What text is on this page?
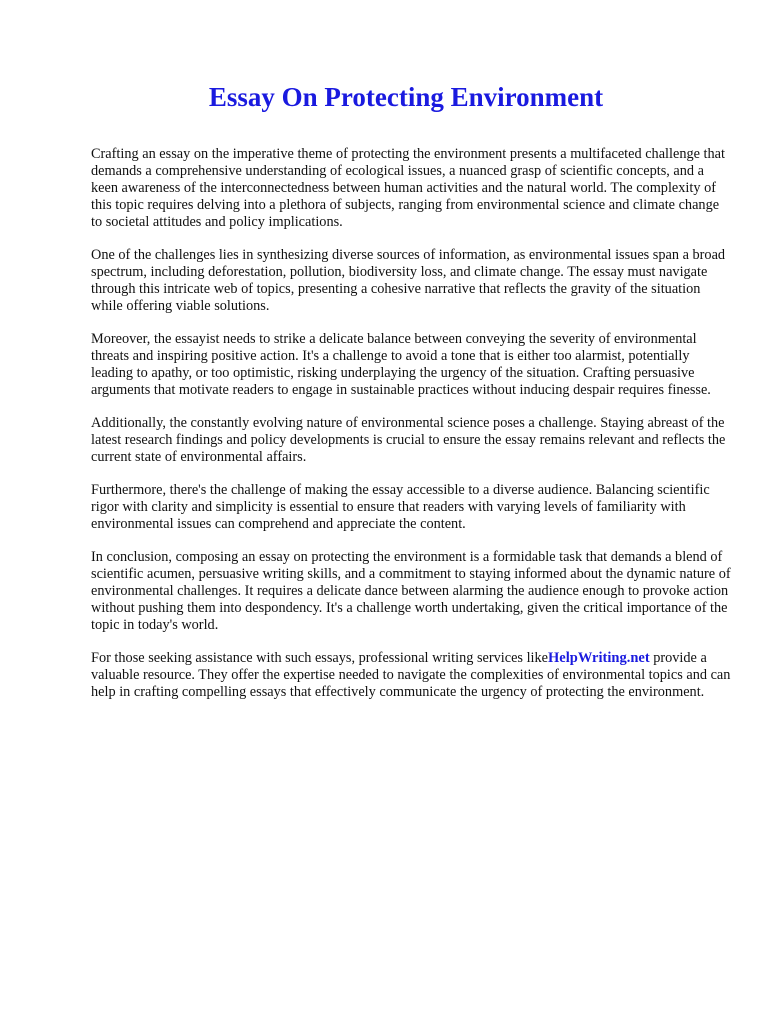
Essay On Protecting Environment

Crafting an essay on the imperative theme of protecting the environment presents a multifaceted challenge that demands a comprehensive understanding of ecological issues, a nuanced grasp of scientific concepts, and a keen awareness of the interconnectedness between human activities and the natural world. The complexity of this topic requires delving into a plethora of subjects, ranging from environmental science and climate change to societal attitudes and policy implications.

One of the challenges lies in synthesizing diverse sources of information, as environmental issues span a broad spectrum, including deforestation, pollution, biodiversity loss, and climate change. The essay must navigate through this intricate web of topics, presenting a cohesive narrative that reflects the gravity of the situation while offering viable solutions.

Moreover, the essayist needs to strike a delicate balance between conveying the severity of environmental threats and inspiring positive action. It's a challenge to avoid a tone that is either too alarmist, potentially leading to apathy, or too optimistic, risking underplaying the urgency of the situation. Crafting persuasive arguments that motivate readers to engage in sustainable practices without inducing despair requires finesse.

Additionally, the constantly evolving nature of environmental science poses a challenge. Staying abreast of the latest research findings and policy developments is crucial to ensure the essay remains relevant and reflects the current state of environmental affairs.

Furthermore, there's the challenge of making the essay accessible to a diverse audience. Balancing scientific rigor with clarity and simplicity is essential to ensure that readers with varying levels of familiarity with environmental issues can comprehend and appreciate the content.

In conclusion, composing an essay on protecting the environment is a formidable task that demands a blend of scientific acumen, persuasive writing skills, and a commitment to staying informed about the dynamic nature of environmental challenges. It requires a delicate dance between alarming the audience enough to provoke action without pushing them into despondency. It's a challenge worth undertaking, given the critical importance of the topic in today's world.

For those seeking assistance with such essays, professional writing services likeHelpWriting.net provide a valuable resource. They offer the expertise needed to navigate the complexities of environmental topics and can help in crafting compelling essays that effectively communicate the urgency of protecting the environment.
